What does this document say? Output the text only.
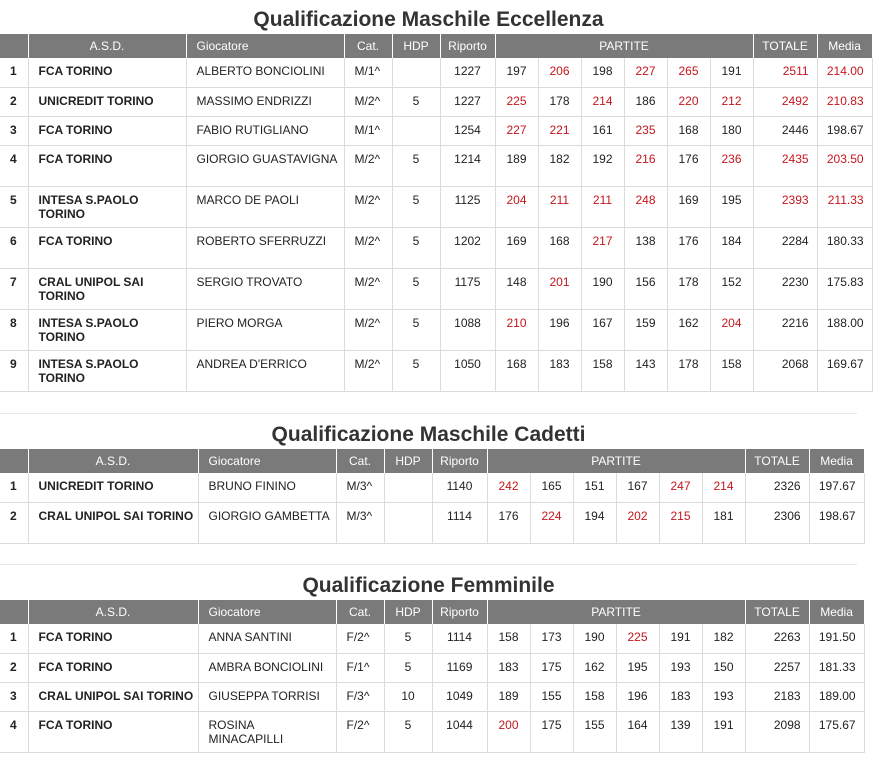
Qualificazione Maschile Eccellenza
	A.S.D.	Giocatore	Cat.	HDP	Riporto	PARTITE						TOTALE	Media
1	FCA TORINO	ALBERTO BONCIOLINI	M/1^		1227	197	206	198	227	265	191	2511	214.00
2	UNICREDIT TORINO	MASSIMO ENDRIZZI	M/2^	5	1227	225	178	214	186	220	212	2492	210.83
3	FCA TORINO	FABIO RUTIGLIANO	M/1^		1254	227	221	161	235	168	180	2446	198.67
4	FCA TORINO	GIORGIO GUASTAVIGNA	M/2^	5	1214	189	182	192	216	176	236	2435	203.50
5	INTESA S.PAOLO TORINO	MARCO DE PAOLI	M/2^	5	1125	204	211	211	248	169	195	2393	211.33
6	FCA TORINO	ROBERTO SFERRUZZI	M/2^	5	1202	169	168	217	138	176	184	2284	180.33
7	CRAL UNIPOL SAI TORINO	SERGIO TROVATO	M/2^	5	1175	148	201	190	156	178	152	2230	175.83
8	INTESA S.PAOLO TORINO	PIERO MORGA	M/2^	5	1088	210	196	167	159	162	204	2216	188.00
9	INTESA S.PAOLO TORINO	ANDREA D'ERRICO	M/2^	5	1050	168	183	158	143	178	158	2068	169.67
Qualificazione Maschile Cadetti
	A.S.D.	Giocatore	Cat.	HDP	Riporto	PARTITE						TOTALE	Media
1	UNICREDIT TORINO	BRUNO FININO	M/3^		1140	242	165	151	167	247	214	2326	197.67
2	CRAL UNIPOL SAI TORINO	GIORGIO GAMBETTA	M/3^		1114	176	224	194	202	215	181	2306	198.67
Qualificazione Femminile
	A.S.D.	Giocatore	Cat.	HDP	Riporto	PARTITE						TOTALE	Media
1	FCA TORINO	ANNA SANTINI	F/2^	5	1114	158	173	190	225	191	182	2263	191.50
2	FCA TORINO	AMBRA BONCIOLINI	F/1^	5	1169	183	175	162	195	193	150	2257	181.33
3	CRAL UNIPOL SAI TORINO	GIUSEPPA TORRISI	F/3^	10	1049	189	155	158	196	183	193	2183	189.00
4	FCA TORINO	ROSINA MINACAPILLI	F/2^	5	1044	200	175	155	164	139	191	2098	175.67
